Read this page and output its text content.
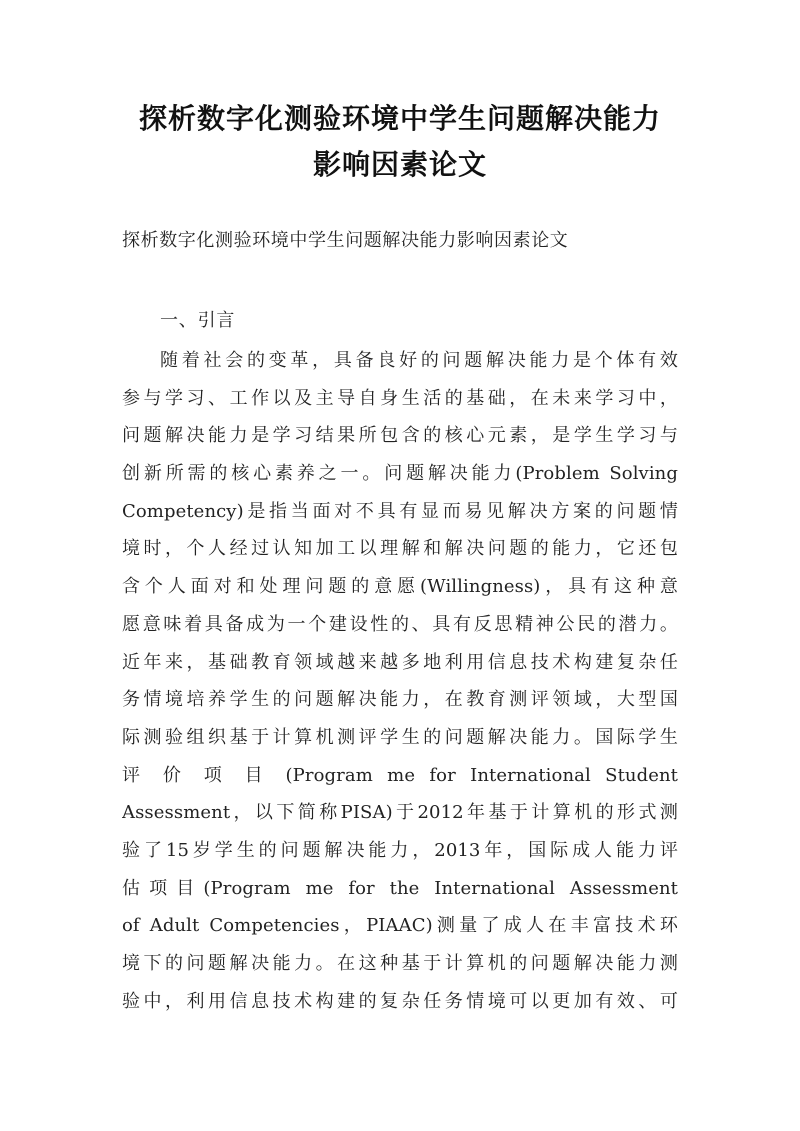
探析数字化测验环境中学生问题解决能力
影响因素论文
探析数字化测验环境中学生问题解决能力影响因素论文
一、引言
随着社会的变革，具备良好的问题解决能力是个体有效
参与学习、工作以及主导自身生活的基础，在未来学习中，
问题解决能力是学习结果所包含的核心元素，是学生学习与
创新所需的核心素养之一。问题解决能力(Problem Solving
Competency)是指当面对不具有显而易见解决方案的问题情
境时，个人经过认知加工以理解和解决问题的能力，它还包
含个人面对和处理问题的意愿(Willingness)，具有这种意
愿意味着具备成为一个建设性的、具有反思精神公民的潜力。
近年来，基础教育领域越来越多地利用信息技术构建复杂任
务情境培养学生的问题解决能力，在教育测评领域，大型国
际测验组织基于计算机测评学生的问题解决能力。国际学生
评 价 项 目 (Program me for International Student
Assessment，以下简称PISA)于2012年基于计算机的形式测
验了15岁学生的问题解决能力，2013年，国际成人能力评
估项目(Program me for the International Assessment
of Adult Competencies，PIAAC)测量了成人在丰富技术环
境下的问题解决能力。在这种基于计算机的问题解决能力测
验中，利用信息技术构建的复杂任务情境可以更加有效、可
